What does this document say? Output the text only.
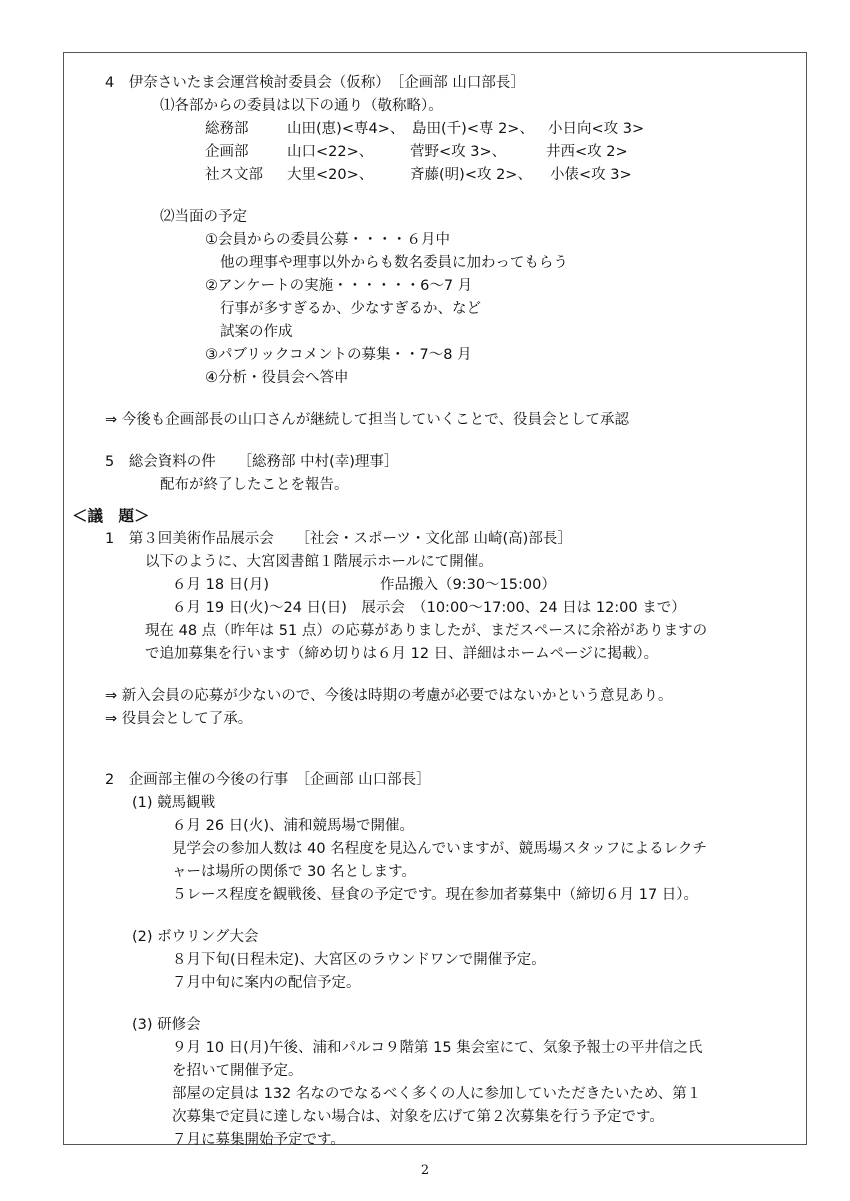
4　伊奈さいたま会運営検討委員会（仮称）　［企画部 山口部長］
⑴各部からの委員は以下の通り（敬称略）。
総務部	山田(恵)<専4>、 島田(千)<専 2>、 小日向<攻 3>
企画部	山口<22>、	菅野<攻 3>、	井西<攻 2>
社ス文部 大里<20>、	斉藤(明)<攻 2>、 小俵<攻 3>
⑵当面の予定
①会員からの委員公募・・・・６月中
他の理事や理事以外からも数名委員に加わってもらう
②アンケートの実施・・・・・・6～7 月
行事が多すぎるか、少なすぎるか、など
試案の作成
③パブリックコメントの募集・・7～8 月
④分析・役員会へ答申
⇒ 今後も企画部長の山口さんが継続して担当していくことで、役員会として承認
5　総会資料の件　　［総務部 中村(幸)理事］
配布が終了したことを報告。
＜議　題＞
1　第３回美術作品展示会　　［社会・スポーツ・文化部 山崎(高)部長］
以下のように、大宮図書館１階展示ホールにて開催。
６月 18 日(月)	作品搬入（9:30～15:00）
６月 19 日(火)～24 日(日)　展示会　（10:00～17:00、24 日は 12:00 まで）
現在 48 点（昨年は 51 点）の応募がありましたが、まだスペースに余裕がありますの
で追加募集を行います（締め切りは６月 12 日、詳細はホームページに掲載）。
⇒ 新入会員の応募が少ないので、今後は時期の考慮が必要ではないかという意見あり。
⇒ 役員会として了承。
2　企画部主催の今後の行事　［企画部 山口部長］
(1) 競馬観戦
６月 26 日(火)、浦和競馬場で開催。
見学会の参加人数は 40 名程度を見込んでいますが、競馬場スタッフによるレクチ
ャーは場所の関係で 30 名とします。
５レース程度を観戦後、昼食の予定です。現在参加者募集中（締切６月 17 日）。
(2) ボウリング大会
８月下旬(日程未定)、大宮区のラウンドワンで開催予定。
７月中旬に案内の配信予定。
(3) 研修会
９月 10 日(月)午後、浦和パルコ９階第 15 集会室にて、気象予報士の平井信之氏
を招いて開催予定。
部屋の定員は 132 名なのでなるべく多くの人に参加していただきたいため、第１
次募集で定員に達しない場合は、対象を広げて第２次募集を行う予定です。
７月に募集開始予定です。
2
